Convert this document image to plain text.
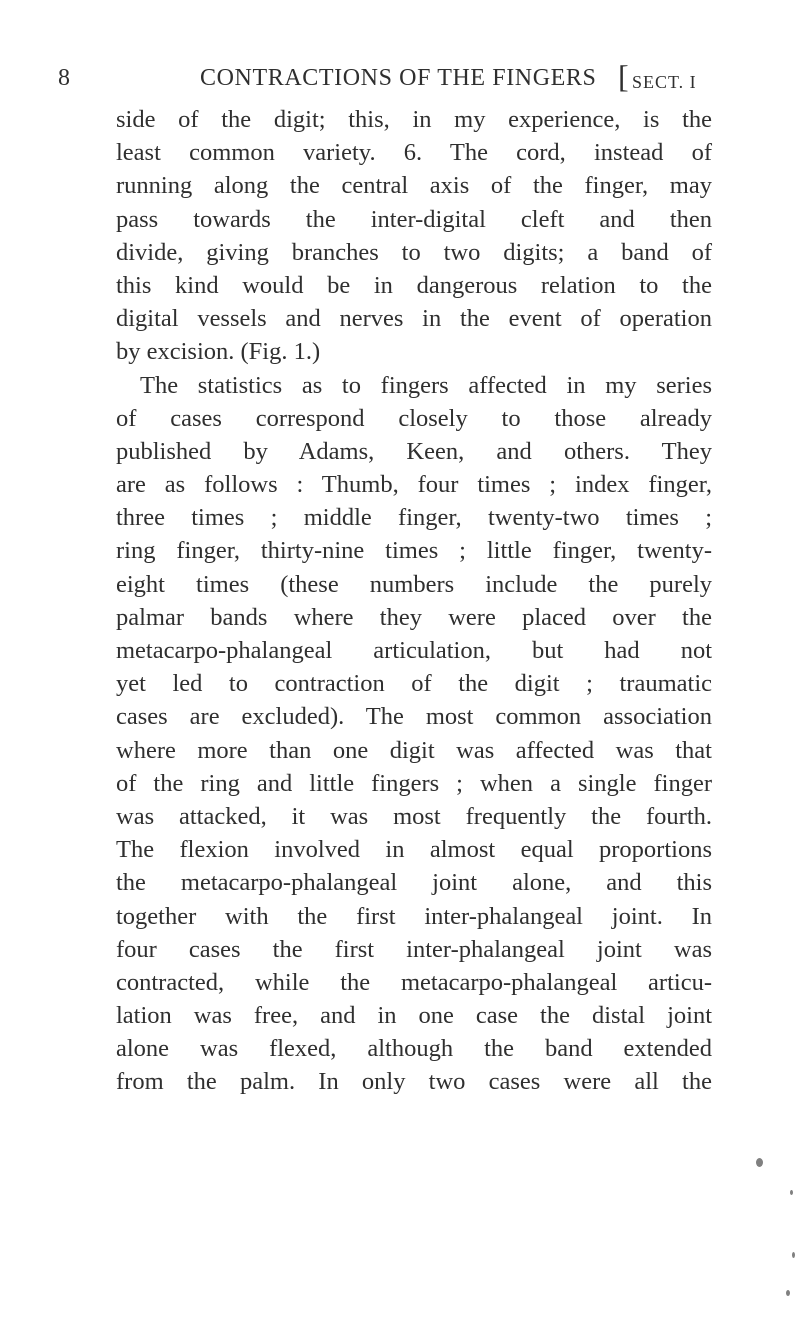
8	CONTRACTIONS OF THE FINGERS [ SECT. I
side of the digit; this, in my experience, is the
least common variety. 6. The cord, instead of
running along the central axis of the finger, may
pass towards the inter-digital cleft and then
divide, giving branches to two digits; a band of
this kind would be in dangerous relation to the
digital vessels and nerves in the event of operation
by excision. (Fig. 1.)
The statistics as to fingers affected in my series
of cases correspond closely to those already
published by Adams, Keen, and others. They
are as follows : Thumb, four times ; index finger,
three times ; middle finger, twenty-two times ;
ring finger, thirty-nine times ; little finger, twenty-
eight times (these numbers include the purely
palmar bands where they were placed over the
metacarpo-phalangeal articulation, but had not
yet led to contraction of the digit ; traumatic
cases are excluded). The most common association
where more than one digit was affected was that
of the ring and little fingers ; when a single finger
was attacked, it was most frequently the fourth.
The flexion involved in almost equal proportions
the metacarpo-phalangeal joint alone, and this
together with the first inter-phalangeal joint. In
four cases the first inter-phalangeal joint was
contracted, while the metacarpo-phalangeal articu-
lation was free, and in one case the distal joint
alone was flexed, although the band extended
from the palm. In only two cases were all the
